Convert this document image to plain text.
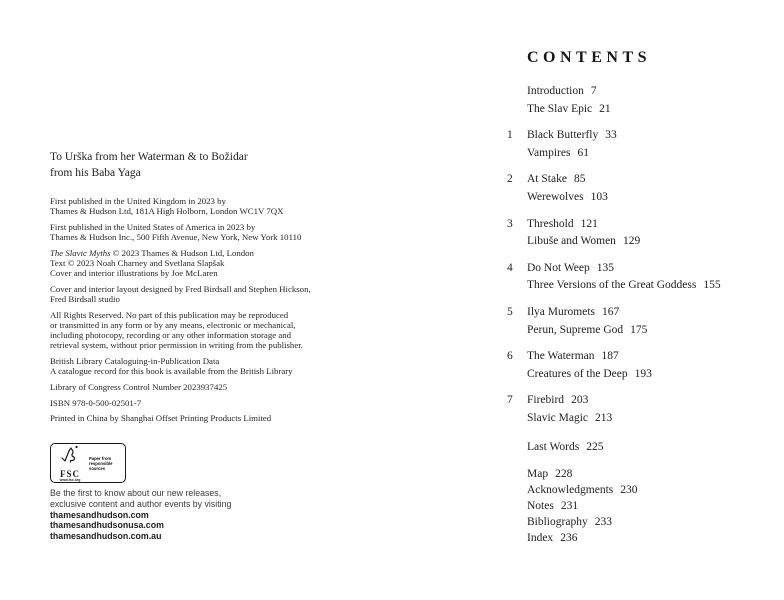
To Urška from her Waterman & to Božidar
from his Baba Yaga

First published in the United Kingdom in 2023 by
Thames & Hudson Ltd, 181A High Holborn, London WC1V 7QX

First published in the United States of America in 2023 by
Thames & Hudson Inc., 500 Fifth Avenue, New York, New York 10110

The Slavic Myths © 2023 Thames & Hudson Ltd, London
Text © 2023 Noah Charney and Svetlana Slapšak
Cover and interior illustrations by Joe McLaren

Cover and interior layout designed by Fred Birdsall and Stephen Hickson,
Fred Birdsall studio

All Rights Reserved. No part of this publication may be reproduced
or transmitted in any form or by any means, electronic or mechanical,
including photocopy, recording or any other information storage and
retrieval system, without prior permission in writing from the publisher.

British Library Cataloguing-in-Publication Data
A catalogue record for this book is available from the British Library

Library of Congress Control Number 2023937425

ISBN 978-0-500-02501-7

Printed in China by Shanghai Offset Printing Products Limited

FSC
www.fsc.org
Paper from responsible sources
Be the first to know about our new releases,
exclusive content and author events by visiting
thamesandhudson.com
thamesandhudsonusa.com
thamesandhudson.com.au
CONTENTS
Introduction 7
The Slav Epic 21
1	Black Butterfly 33
Vampires 61
2	At Stake 85
Werewolves 103
3	Threshold 121
Libuše and Women 129
4	Do Not Weep 135
Three Versions of the Great Goddess 155
5	Ilya Muromets 167
Perun, Supreme God 175
6	The Waterman 187
Creatures of the Deep 193
7	Firebird 203
Slavic Magic 213
Last Words 225
Map 228
Acknowledgments 230
Notes 231
Bibliography 233
Index 236
